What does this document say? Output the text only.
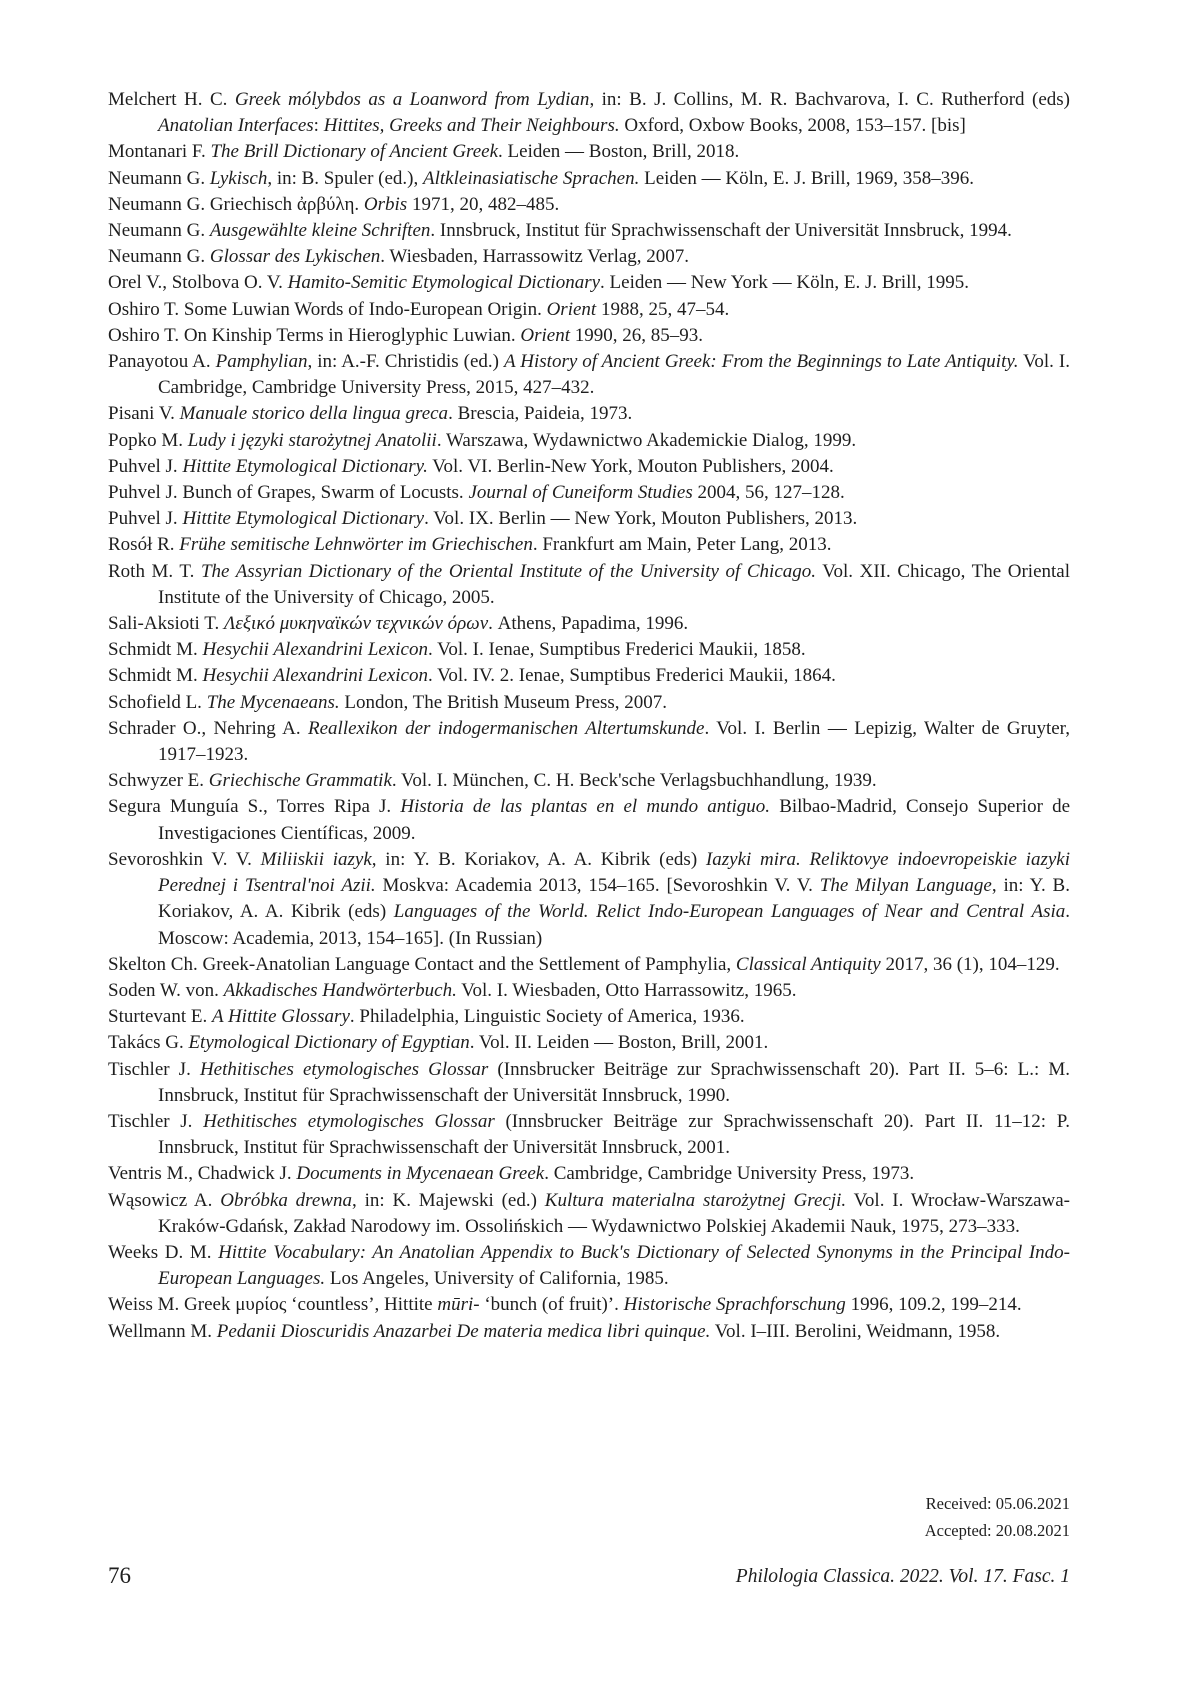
Melchert H. C. Greek mólybdos as a Loanword from Lydian, in: B. J. Collins, M. R. Bachvarova, I. C. Rutherford (eds) Anatolian Interfaces: Hittites, Greeks and Their Neighbours. Oxford, Oxbow Books, 2008, 153–157. [bis]
Montanari F. The Brill Dictionary of Ancient Greek. Leiden — Boston, Brill, 2018.
Neumann G. Lykisch, in: B. Spuler (ed.), Altkleinasiatische Sprachen. Leiden — Köln, E. J. Brill, 1969, 358–396.
Neumann G. Griechisch ἀρβύλη. Orbis 1971, 20, 482–485.
Neumann G. Ausgewählte kleine Schriften. Innsbruck, Institut für Sprachwissenschaft der Universität Innsbruck, 1994.
Neumann G. Glossar des Lykischen. Wiesbaden, Harrassowitz Verlag, 2007.
Orel V., Stolbova O. V. Hamito-Semitic Etymological Dictionary. Leiden — New York — Köln, E. J. Brill, 1995.
Oshiro T. Some Luwian Words of Indo-European Origin. Orient 1988, 25, 47–54.
Oshiro T. On Kinship Terms in Hieroglyphic Luwian. Orient 1990, 26, 85–93.
Panayotou A. Pamphylian, in: A.-F. Christidis (ed.) A History of Ancient Greek: From the Beginnings to Late Antiquity. Vol. I. Cambridge, Cambridge University Press, 2015, 427–432.
Pisani V. Manuale storico della lingua greca. Brescia, Paideia, 1973.
Popko M. Ludy i języki starożytnej Anatolii. Warszawa, Wydawnictwo Akademickie Dialog, 1999.
Puhvel J. Hittite Etymological Dictionary. Vol. VI. Berlin-New York, Mouton Publishers, 2004.
Puhvel J. Bunch of Grapes, Swarm of Locusts. Journal of Cuneiform Studies 2004, 56, 127–128.
Puhvel J. Hittite Etymological Dictionary. Vol. IX. Berlin — New York, Mouton Publishers, 2013.
Rosół R. Frühe semitische Lehnwörter im Griechischen. Frankfurt am Main, Peter Lang, 2013.
Roth M. T. The Assyrian Dictionary of the Oriental Institute of the University of Chicago. Vol. XII. Chicago, The Oriental Institute of the University of Chicago, 2005.
Sali-Aksioti T. Λεξικό μυκηναϊκών τεχνικών όρων. Athens, Papadima, 1996.
Schmidt M. Hesychii Alexandrini Lexicon. Vol. I. Ienae, Sumptibus Frederici Maukii, 1858.
Schmidt M. Hesychii Alexandrini Lexicon. Vol. IV. 2. Ienae, Sumptibus Frederici Maukii, 1864.
Schofield L. The Mycenaeans. London, The British Museum Press, 2007.
Schrader O., Nehring A. Reallexikon der indogermanischen Altertumskunde. Vol. I. Berlin — Lepizig, Walter de Gruyter, 1917–1923.
Schwyzer E. Griechische Grammatik. Vol. I. München, C. H. Beck'sche Verlagsbuchhandlung, 1939.
Segura Munguía S., Torres Ripa J. Historia de las plantas en el mundo antiguo. Bilbao-Madrid, Consejo Superior de Investigaciones Científicas, 2009.
Sevoroshkin V. V. Miliiskii iazyk, in: Y. B. Koriakov, A. A. Kibrik (eds) Iazyki mira. Reliktovye indoevropeiskie iazyki Perednej i Tsentral'noi Azii. Moskva: Academia 2013, 154–165. [Sevoroshkin V. V. The Milyan Language, in: Y. B. Koriakov, A. A. Kibrik (eds) Languages of the World. Relict Indo-European Languages of Near and Central Asia. Moscow: Academia, 2013, 154–165]. (In Russian)
Skelton Ch. Greek-Anatolian Language Contact and the Settlement of Pamphylia, Classical Antiquity 2017, 36 (1), 104–129.
Soden W. von. Akkadisches Handwörterbuch. Vol. I. Wiesbaden, Otto Harrassowitz, 1965.
Sturtevant E. A Hittite Glossary. Philadelphia, Linguistic Society of America, 1936.
Takács G. Etymological Dictionary of Egyptian. Vol. II. Leiden — Boston, Brill, 2001.
Tischler J. Hethitisches etymologisches Glossar (Innsbrucker Beiträge zur Sprachwissenschaft 20). Part II. 5–6: L.: M. Innsbruck, Institut für Sprachwissenschaft der Universität Innsbruck, 1990.
Tischler J. Hethitisches etymologisches Glossar (Innsbrucker Beiträge zur Sprachwissenschaft 20). Part II. 11–12: P. Innsbruck, Institut für Sprachwissenschaft der Universität Innsbruck, 2001.
Ventris M., Chadwick J. Documents in Mycenaean Greek. Cambridge, Cambridge University Press, 1973.
Wąsowicz A. Obróbka drewna, in: K. Majewski (ed.) Kultura materialna starożytnej Grecji. Vol. I. Wrocław-Warszawa-Kraków-Gdańsk, Zakład Narodowy im. Ossolińskich — Wydawnictwo Polskiej Akademii Nauk, 1975, 273–333.
Weeks D. M. Hittite Vocabulary: An Anatolian Appendix to Buck's Dictionary of Selected Synonyms in the Principal Indo-European Languages. Los Angeles, University of California, 1985.
Weiss M. Greek μυρίος ‘countless’, Hittite mūri- ‘bunch (of fruit)’. Historische Sprachforschung 1996, 109.2, 199–214.
Wellmann M. Pedanii Dioscuridis Anazarbei De materia medica libri quinque. Vol. I–III. Berolini, Weidmann, 1958.
Received: 05.06.2021
Accepted: 20.08.2021
76	Philologia Classica. 2022. Vol. 17. Fasc. 1
